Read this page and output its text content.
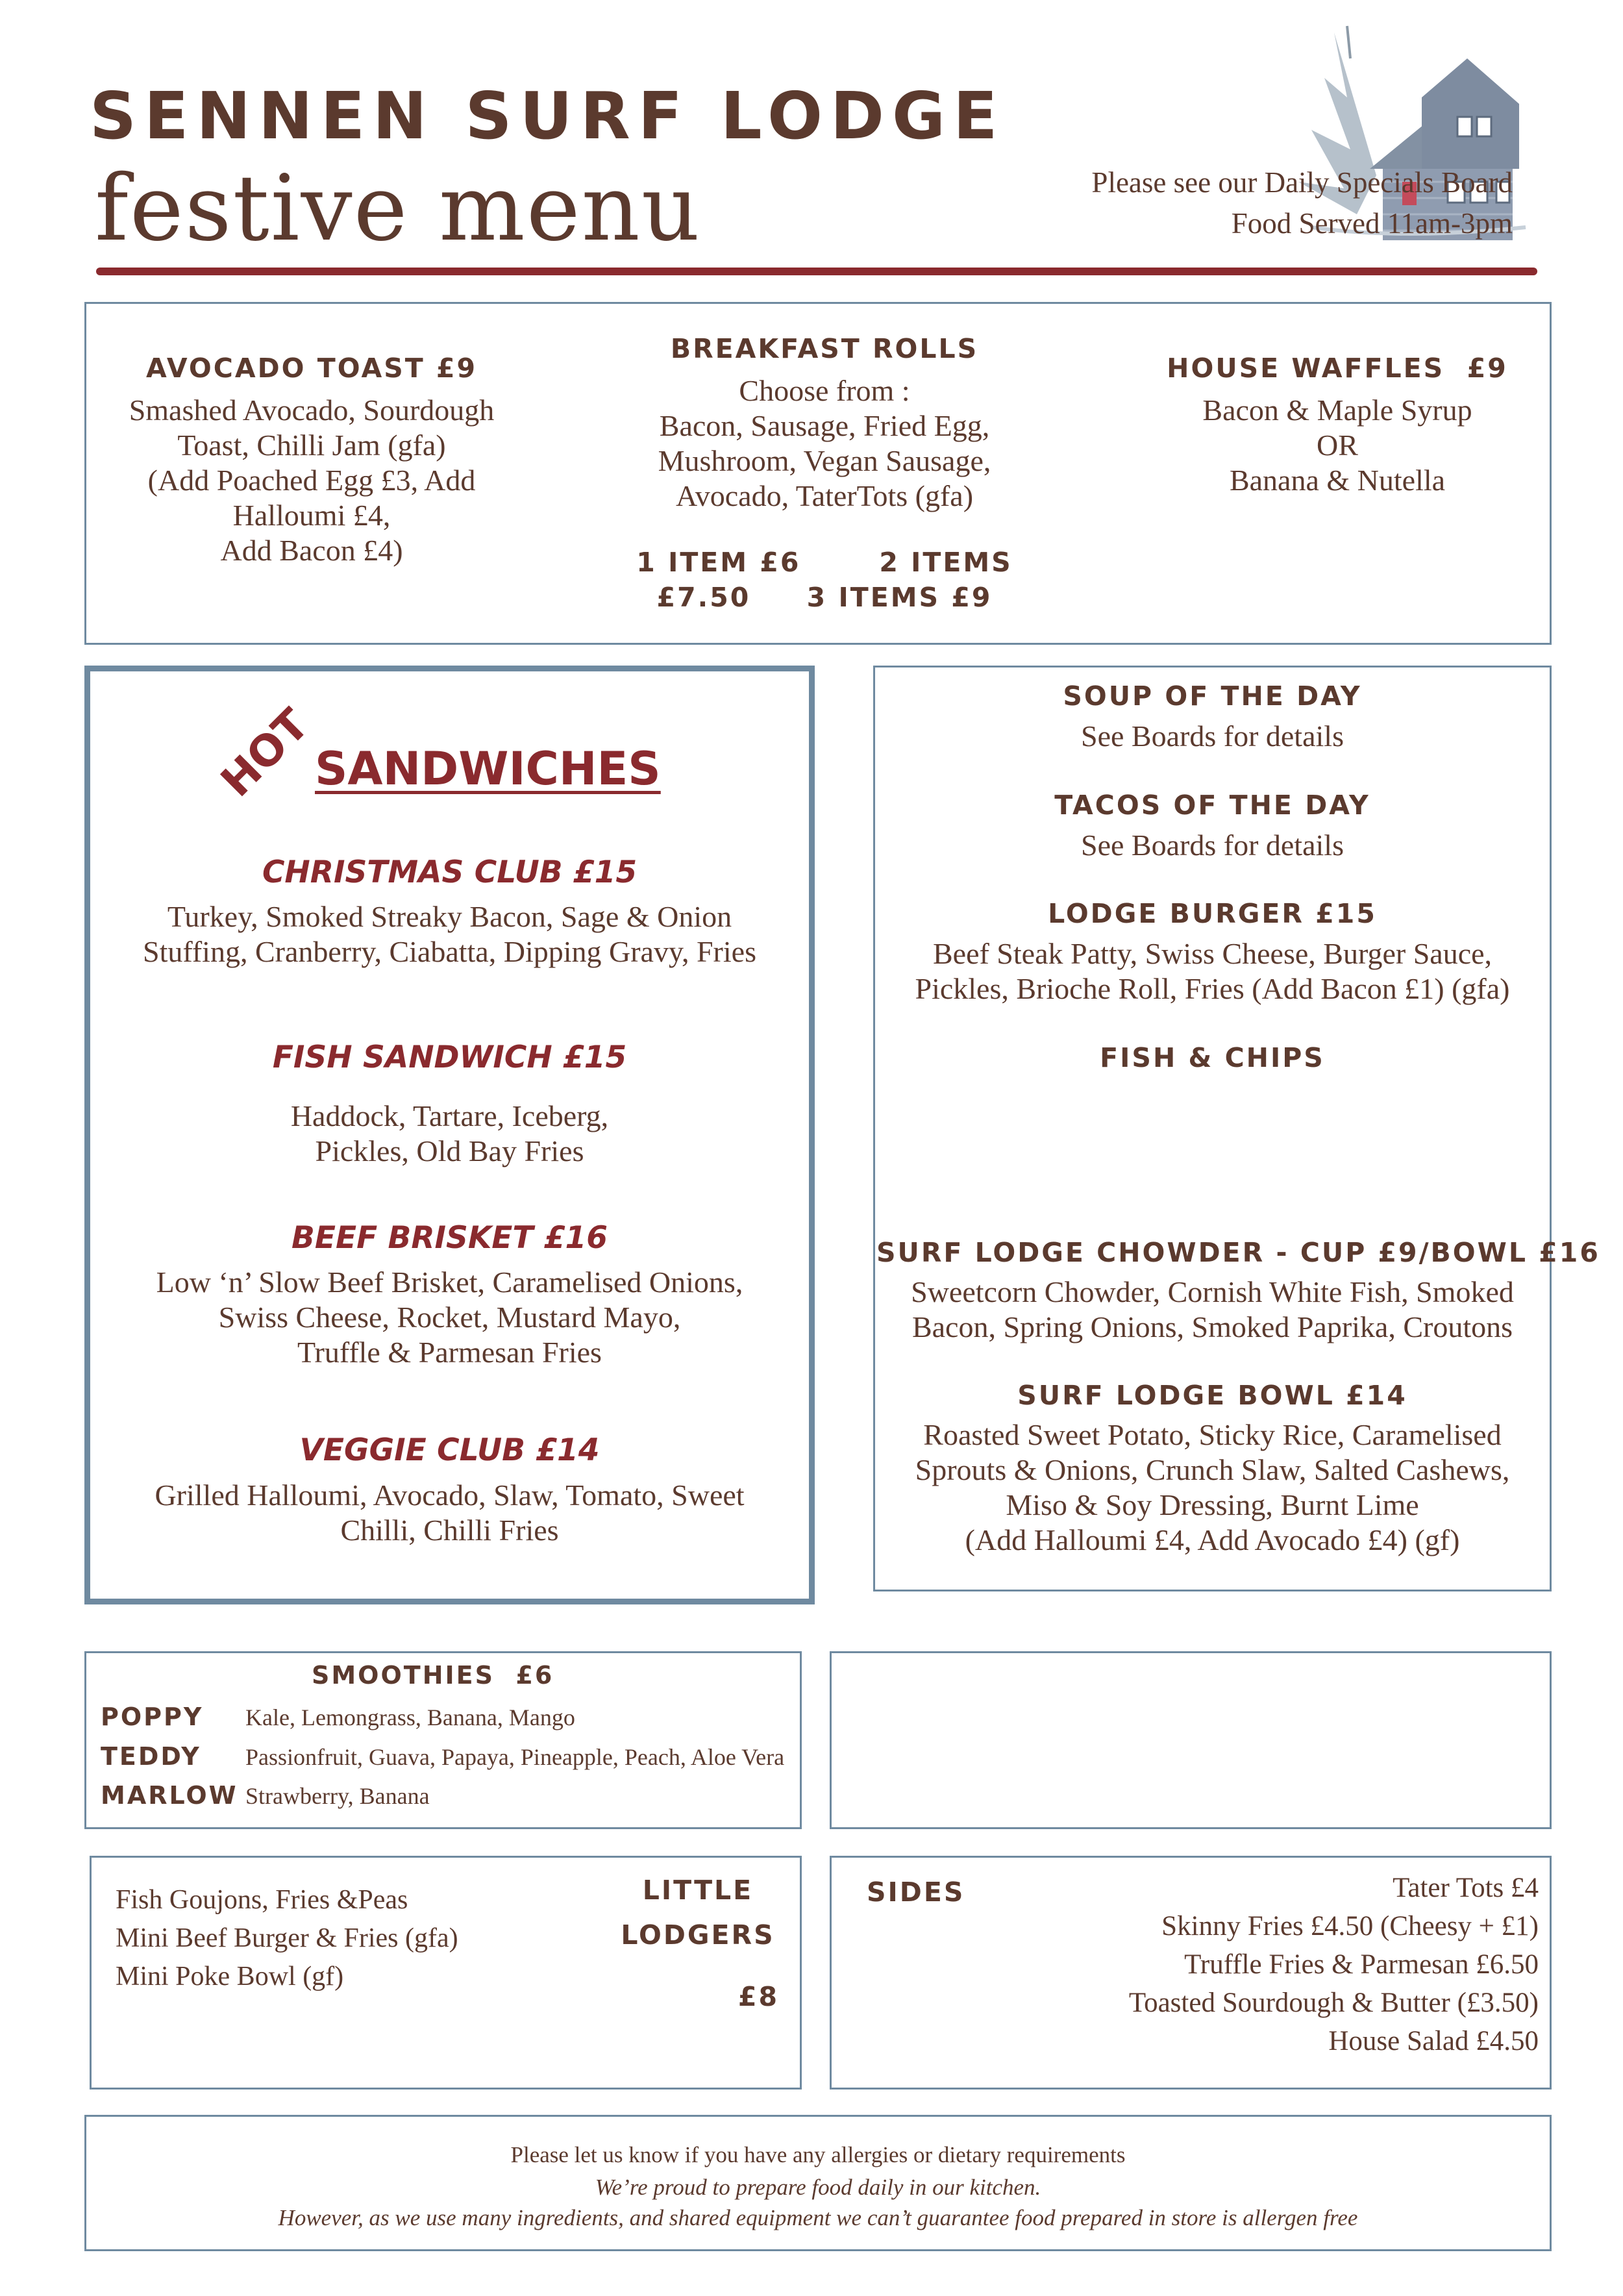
SENNEN SURF LODGE
festive menu	Please see our Daily Specials Board
Food Served 11am-3pm
AVOCADO TOAST £9
Smashed Avocado, Sourdough
Toast, Chilli Jam (gfa)
(Add Poached Egg £3, Add
Halloumi £4,
Add Bacon £4)
BREAKFAST ROLLS
Choose from :
Bacon, Sausage, Fried Egg,
Mushroom, Vegan Sausage,
Avocado, TaterTots (gfa)
1 ITEM £6       2 ITEMS
£7.50     3 ITEMS £9
HOUSE WAFFLES  £9
Bacon & Maple Syrup
OR
Banana & Nutella
HOT
SANDWICHES
CHRISTMAS CLUB £15
Turkey, Smoked Streaky Bacon, Sage & Onion
Stuffing, Cranberry, Ciabatta, Dipping Gravy, Fries
FISH SANDWICH £15
Haddock, Tartare, Iceberg,
Pickles, Old Bay Fries
BEEF BRISKET £16
Low ‘n’ Slow Beef Brisket, Caramelised Onions,
Swiss Cheese, Rocket, Mustard Mayo,
Truffle & Parmesan Fries
VEGGIE CLUB £14
Grilled Halloumi, Avocado, Slaw, Tomato, Sweet
Chilli, Chilli Fries
SOUP OF THE DAY
See Boards for details
TACOS OF THE DAY
See Boards for details
LODGE BURGER £15
Beef Steak Patty, Swiss Cheese, Burger Sauce,
Pickles, Brioche Roll, Fries (Add Bacon £1) (gfa)
FISH & CHIPS
SURF LODGE CHOWDER - CUP £9/BOWL £16
Sweetcorn Chowder, Cornish White Fish, Smoked
Bacon, Spring Onions, Smoked Paprika, Croutons
SURF LODGE BOWL £14
Roasted Sweet Potato, Sticky Rice, Caramelised
Sprouts & Onions, Crunch Slaw, Salted Cashews,
Miso & Soy Dressing, Burnt Lime
(Add Halloumi £4, Add Avocado £4) (gf)
SMOOTHIES  £6
POPPY Kale, Lemongrass, Banana, Mango
TEDDY Passionfruit, Guava, Papaya, Pineapple, Peach, Aloe Vera
MARLOW Strawberry, Banana
Fish Goujons, Fries &Peas
Mini Beef Burger & Fries (gfa)
Mini Poke Bowl (gf)
LITTLE
LODGERS
£8
SIDES	Tater Tots £4
Skinny Fries £4.50 (Cheesy + £1)
Truffle Fries & Parmesan £6.50
Toasted Sourdough & Butter (£3.50)
House Salad £4.50
Please let us know if you have any allergies or dietary requirements
We’re proud to prepare food daily in our kitchen.
However, as we use many ingredients, and shared equipment we can’t guarantee food prepared in store is allergen free
